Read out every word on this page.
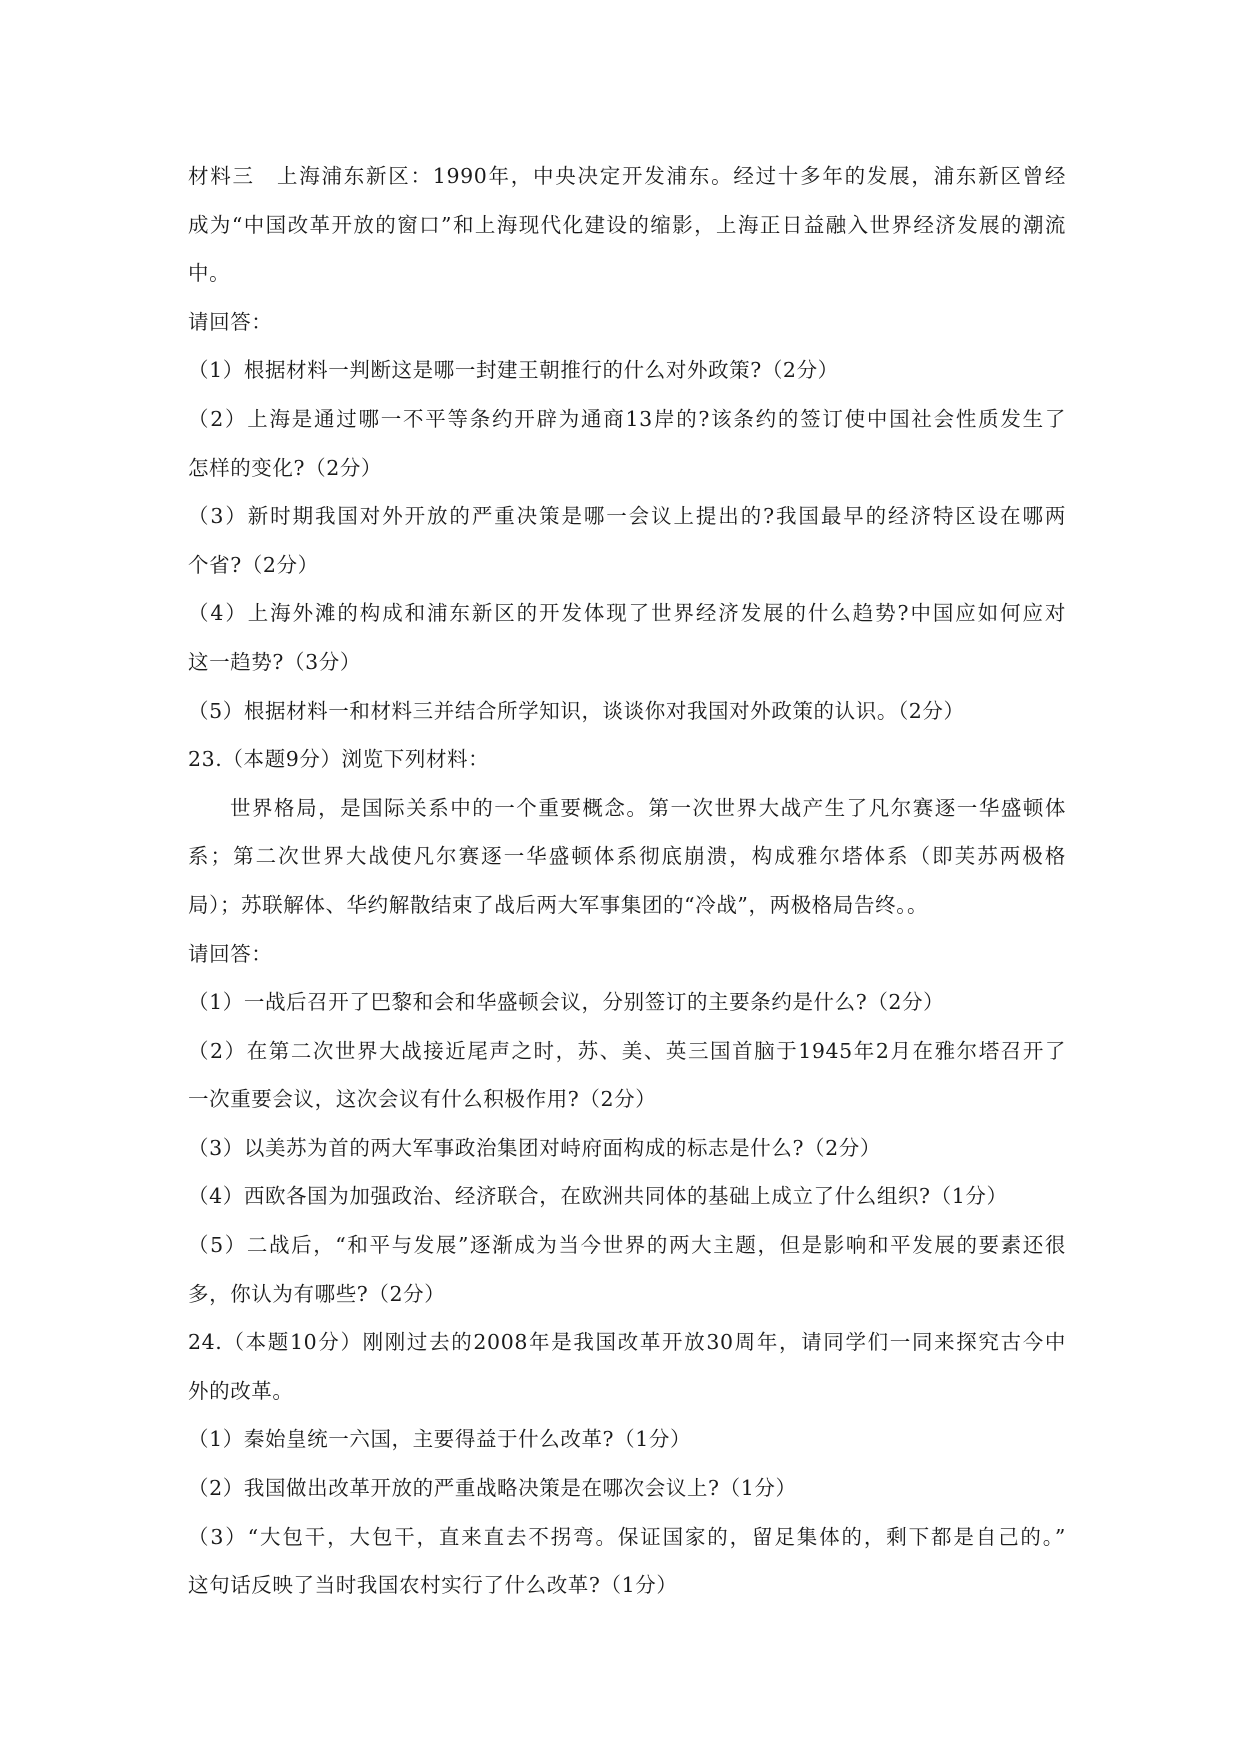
材料三　上海浦东新区：1990年，中央决定开发浦东。经过十多年的发展，浦东新区曾经
成为“中国改革开放的窗口”和上海现代化建设的缩影，上海正日益融入世界经济发展的潮流
中。
请回答：
（1）根据材料一判断这是哪一封建王朝推行的什么对外政策?（2分）
（2）上海是通过哪一不平等条约开辟为通商13岸的?该条约的签订使中国社会性质发生了
怎样的变化?（2分）
（3）新时期我国对外开放的严重决策是哪一会议上提出的?我国最早的经济特区设在哪两
个省?（2分）
（4）上海外滩的构成和浦东新区的开发体现了世界经济发展的什么趋势?中国应如何应对
这一趋势?（3分）
（5）根据材料一和材料三并结合所学知识，谈谈你对我国对外政策的认识。（2分）
23.（本题9分）浏览下列材料：
世界格局，是国际关系中的一个重要概念。第一次世界大战产生了凡尔赛逐一华盛顿体
系；第二次世界大战使凡尔赛逐一华盛顿体系彻底崩溃，构成雅尔塔体系（即芙苏两极格
局）；苏联解体、华约解散结束了战后两大军事集团的“冷战”，两极格局告终。。
请回答：
（1）一战后召开了巴黎和会和华盛顿会议，分别签订的主要条约是什么?（2分）
（2）在第二次世界大战接近尾声之时，苏、美、英三国首脑于1945年2月在雅尔塔召开了
一次重要会议，这次会议有什么积极作用?（2分）
（3）以美苏为首的两大军事政治集团对峙府面构成的标志是什么?（2分）
（4）西欧各国为加强政治、经济联合，在欧洲共同体的基础上成立了什么组织?（1分）
（5）二战后，“和平与发展”逐渐成为当今世界的两大主题，但是影响和平发展的要素还很
多，你认为有哪些?（2分）
24.（本题10分）刚刚过去的2008年是我国改革开放30周年，请同学们一同来探究古今中
外的改革。
（1）秦始皇统一六国，主要得益于什么改革?（1分）
（2）我国做出改革开放的严重战略决策是在哪次会议上?（1分）
（3）“大包干，大包干，直来直去不拐弯。保证国家的，留足集体的，剩下都是自己的。”
这句话反映了当时我国农村实行了什么改革?（1分）
